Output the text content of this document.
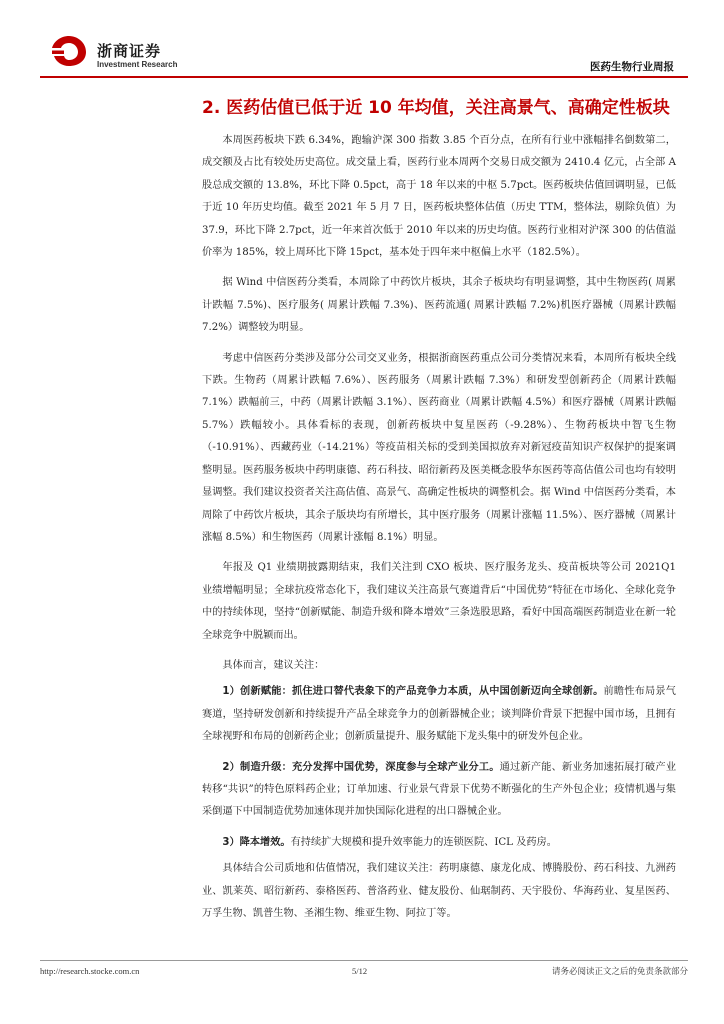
浙商证券
Investment Research	医药生物行业周报
2. 医药估值已低于近 10 年均值，关注高景气、高确定性板块

本周医药板块下跌 6.34%，跑输沪深 300 指数 3.85 个百分点，在所有行业中涨幅排名倒数第二，成交额及占比有较处历史高位。成交量上看，医药行业本周两个交易日成交额为 2410.4 亿元，占全部 A 股总成交额的 13.8%，环比下降 0.5pct，高于 18 年以来的中枢 5.7pct。医药板块估值回调明显，已低于近 10 年历史均值。截至 2021 年 5 月 7 日，医药板块整体估值（历史 TTM，整体法，剔除负值）为 37.9，环比下降 2.7pct，近一年来首次低于 2010 年以来的历史均值。医药行业相对沪深 300 的估值溢价率为 185%，较上周环比下降 15pct，基本处于四年来中枢偏上水平（182.5%）。

据 Wind 中信医药分类看，本周除了中药饮片板块，其余子板块均有明显调整，其中生物医药( 周累计跌幅 7.5%)、医疗服务( 周累计跌幅 7.3%)、医药流通( 周累计跌幅 7.2%)机医疗器械（周累计跌幅 7.2%）调整较为明显。

考虑中信医药分类涉及部分公司交叉业务，根据浙商医药重点公司分类情况来看，本周所有板块全线下跌。生物药（周累计跌幅 7.6%）、医药服务（周累计跌幅 7.3%）和研发型创新药企（周累计跌幅 7.1%）跌幅前三，中药（周累计跌幅 3.1%）、医药商业（周累计跌幅 4.5%）和医疗器械（周累计跌幅 5.7%）跌幅较小。具体看标的表现，创新药板块中复星医药（-9.28%）、生物药板块中智飞生物（-10.91%）、西藏药业（-14.21%）等疫苗相关标的受到美国拟放弃对新冠疫苗知识产权保护的提案调整明显。医药服务板块中药明康德、药石科技、昭衍新药及医美概念股华东医药等高估值公司也均有较明显调整。我们建议投资者关注高估值、高景气、高确定性板块的调整机会。据 Wind 中信医药分类看，本周除了中药饮片板块，其余子版块均有所增长，其中医疗服务（周累计涨幅 11.5%）、医疗器械（周累计涨幅 8.5%）和生物医药（周累计涨幅 8.1%）明显。

年报及 Q1 业绩期披露期结束，我们关注到 CXO 板块、医疗服务龙头、疫苗板块等公司 2021Q1 业绩增幅明显；全球抗疫常态化下，我们建议关注高景气赛道背后“中国优势”特征在市场化、全球化竞争中的持续体现，坚持“创新赋能、制造升级和降本增效”三条选股思路，看好中国高端医药制造业在新一轮全球竞争中脱颖而出。

具体而言，建议关注：

1）创新赋能：抓住进口替代表象下的产品竞争力本质，从中国创新迈向全球创新。前瞻性布局景气赛道，坚持研发创新和持续提升产品全球竞争力的创新器械企业；谈判降价背景下把握中国市场，且拥有全球视野和布局的创新药企业；创新质量提升、服务赋能下龙头集中的研发外包企业。

2）制造升级：充分发挥中国优势，深度参与全球产业分工。通过新产能、新业务加速拓展打破产业转移“共识”的特色原料药企业；订单加速、行业景气背景下优势不断强化的生产外包企业；疫情机遇与集采倒逼下中国制造优势加速体现并加快国际化进程的出口器械企业。

3）降本增效。有持续扩大规模和提升效率能力的连锁医院、ICL 及药房。

具体结合公司质地和估值情况，我们建议关注：药明康德、康龙化成、博腾股份、药石科技、九洲药业、凯莱英、昭衍新药、泰格医药、普洛药业、健友股份、仙琚制药、天宇股份、华海药业、复星医药、万孚生物、凯普生物、圣湘生物、维亚生物、阿拉丁等。

http://research.stocke.com.cn	5/12	请务必阅读正文之后的免责条款部分
